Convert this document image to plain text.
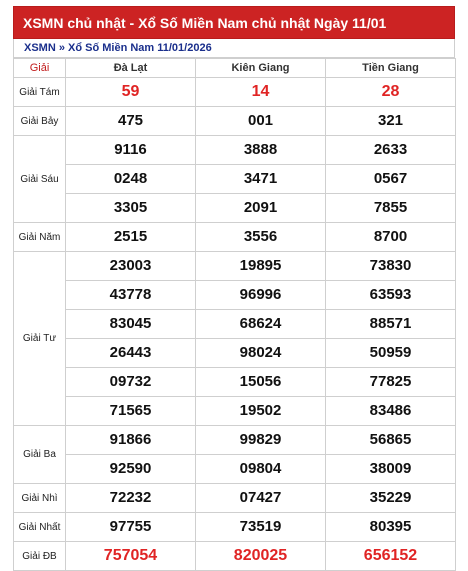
XSMN chủ nhật - Xổ Số Miền Nam chủ nhật Ngày 11/01
XSMN » Xổ Số Miền Nam 11/01/2026
Giải	Đà Lạt	Kiên Giang	Tiền Giang
Giải Tám	59	14	28

Giải Bảy	475	001	321

Giải Sáu	9116	3888	2633

	0248	3471	0567

	3305	2091	7855

Giải Năm	2515	3556	8700

Giải Tư	23003	19895	73830

	43778	96996	63593

	83045	68624	88571

	26443	98024	50959

	09732	15056	77825

	71565	19502	83486

Giải Ba	91866	99829	56865

	92590	09804	38009

Giải Nhì	72232	07427	35229

Giải Nhất	97755	73519	80395

Giải ĐB	757054	820025	656152
